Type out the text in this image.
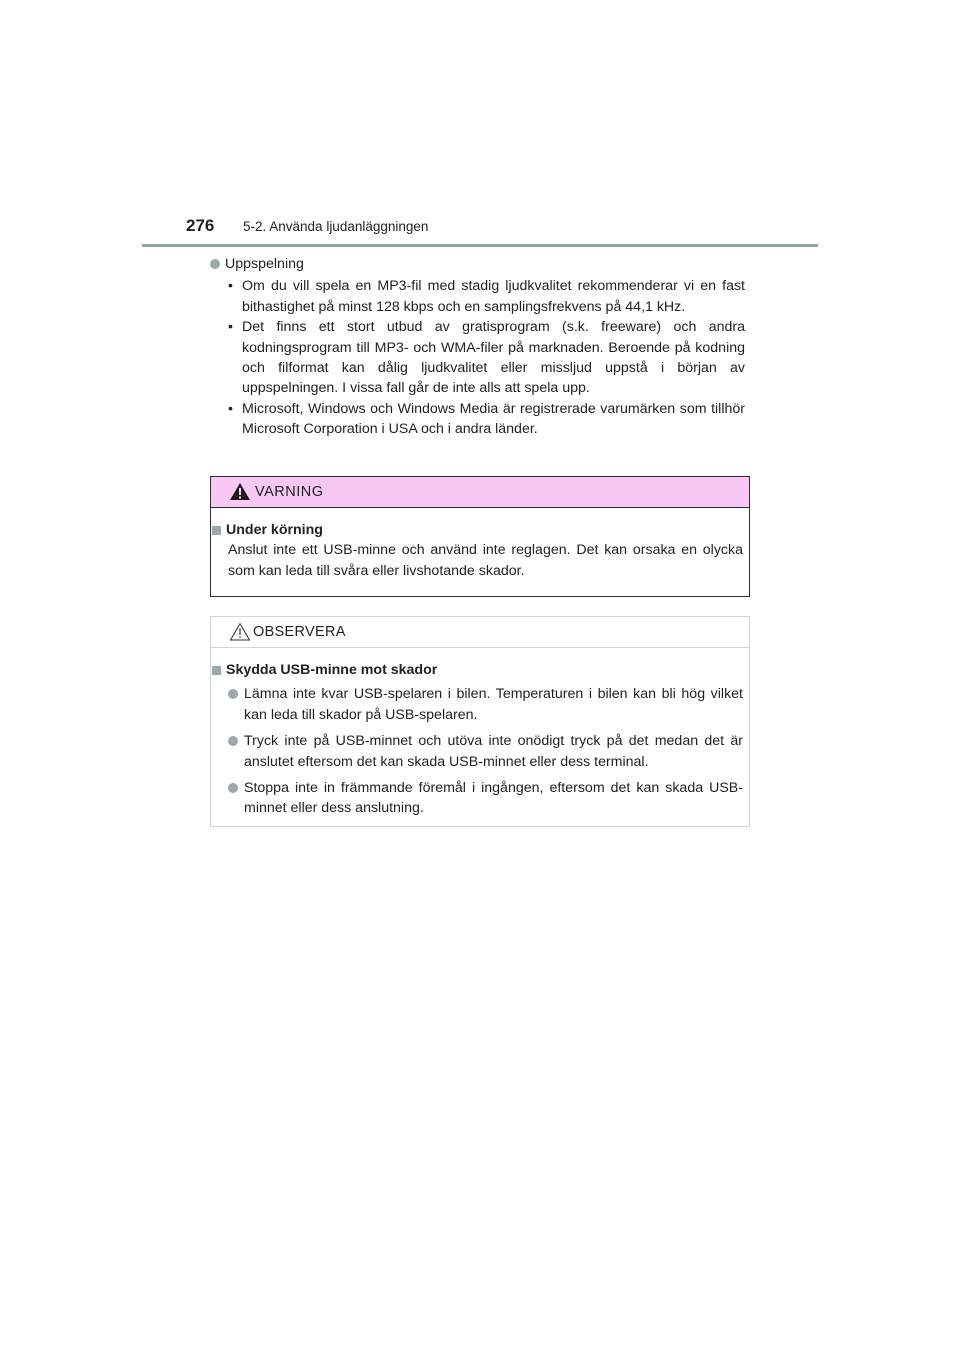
276 5-2. Använda ljudanläggningen
Uppspelning
• Om du vill spela en MP3-fil med stadig ljudkvalitet rekommenderar vi en fast bithastighet på minst 128 kbps och en samplingsfrekvens på 44,1 kHz.
• Det finns ett stort utbud av gratisprogram (s.k. freeware) och andra kodningsprogram till MP3- och WMA-filer på marknaden. Beroende på kodning och filformat kan dålig ljudkvalitet eller missljud uppstå i början av uppspelningen. I vissa fall går de inte alls att spela upp.
• Microsoft, Windows och Windows Media är registrerade varumärken som tillhör Microsoft Corporation i USA och i andra länder.
VARNING
Under körning
Anslut inte ett USB-minne och använd inte reglagen. Det kan orsaka en olycka som kan leda till svåra eller livshotande skador.
OBSERVERA
Skydda USB-minne mot skador
Lämna inte kvar USB-spelaren i bilen. Temperaturen i bilen kan bli hög vilket kan leda till skador på USB-spelaren.
Tryck inte på USB-minnet och utöva inte onödigt tryck på det medan det är anslutet eftersom det kan skada USB-minnet eller dess terminal.
Stoppa inte in främmande föremål i ingången, eftersom det kan skada USB-minnet eller dess anslutning.
